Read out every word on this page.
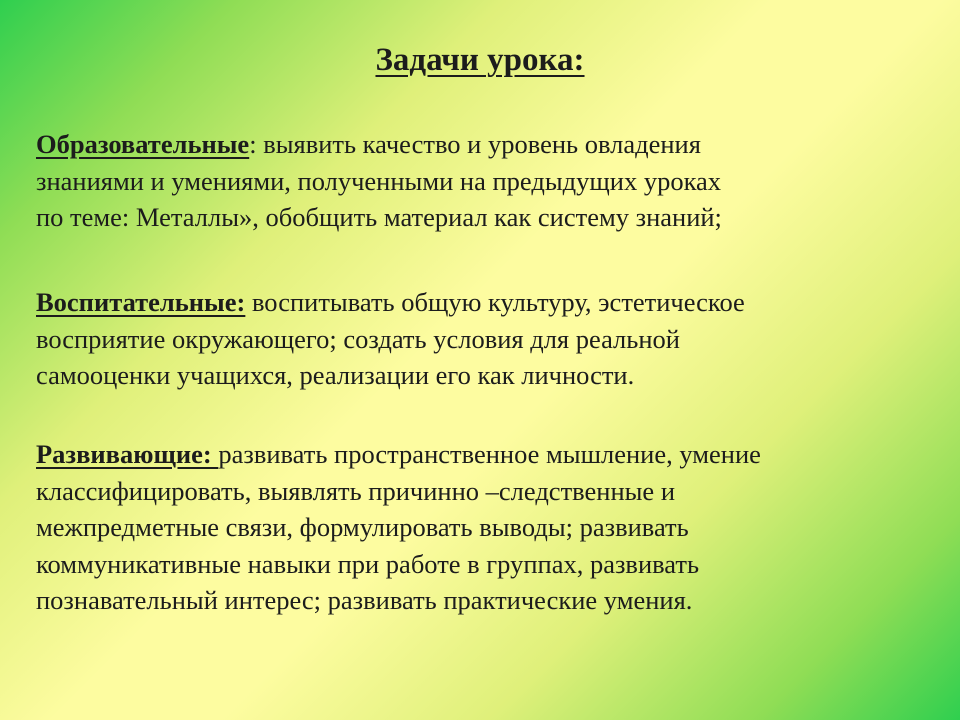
Задачи урока:
Образовательные: выявить качество и уровень овладения
знаниями и умениями, полученными на предыдущих уроках
по теме: Металлы», обобщить материал как систему знаний;
Воспитательные: воспитывать общую культуру, эстетическое
восприятие окружающего; создать условия для реальной
самооценки учащихся, реализации его как личности.
Развивающие: развивать пространственное мышление, умение
классифицировать, выявлять причинно –следственные и
межпредметные связи, формулировать выводы; развивать
коммуникативные навыки при работе в группах, развивать
познавательный интерес; развивать практические умения.
